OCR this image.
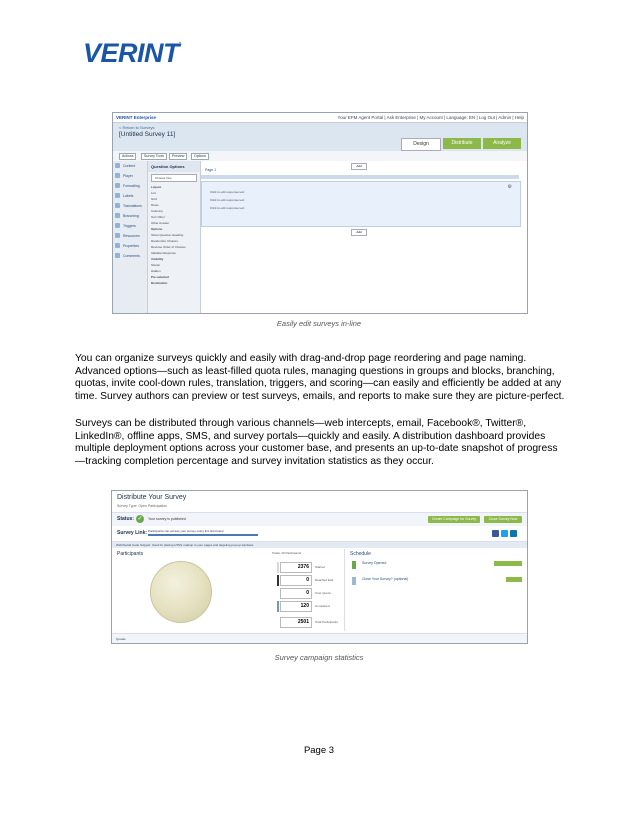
VERINT.
VERINT Enterprise	Your EFM Agent Portal | Ask Enterprise | My Account | Language: EN | Log Out | Admin | Help
< Return to Surveys
[Untitled Survey 11]
Design	Distribute	Analyze
Actions	Survey Tools	Preview	Options
Content
Player
Formatting
Labels
Translations
Branching
Triggers
Resources
Properties
Comments
Question Options
Choose One
Layout
List
Grid
Rows
Columns
Text Other
Other Answer
Options
Show Question Heading
Randomize Choices
Reverse Order of Choices
Validate Response
Visibility
Shown
Hidden
Pre-selected
Destination
Page 1
Add
Click to edit response text
Click to edit response text
Click to edit response text
⚙
Add
Easily edit surveys in-line
You can organize surveys quickly and easily with drag-and-drop page reordering and page naming. Advanced options—such as least-filled quota rules, managing questions in groups and blocks, branching, quotas, invite cool-down rules, translation, triggers, and scoring—can easily and efficiently be added at any time. Survey authors can preview or test surveys, emails, and reports to make sure they are picture-perfect.
Surveys can be distributed through various channels—web intercepts, email, Facebook®, Twitter®, LinkedIn®, offline apps, SMS, and survey portals—quickly and easily. A distribution dashboard provides multiple deployment options across your customer base, and presents an up-to-date snapshot of progress—tracking completion percentage and survey invitation statistics as they occur.
Distribute Your Survey
Survey Type: Open Participation
Status: ✓	Your survey is published	Create Campaign for Survey	Close Survey Now
Survey Link: Participants can access your survey using this link below:
Web/Social Code Snippet: Used for placing HTML markup to your pages and targeting pop-up windows.
Participants	Totals: All Participants
2376	Started
0	Reached End
0	Over Quota
120	Completed
2501	Total Participants
Schedule
Survey Opened
Close Your Survey? (optional)
Quotas
Survey campaign statistics
Page 3
